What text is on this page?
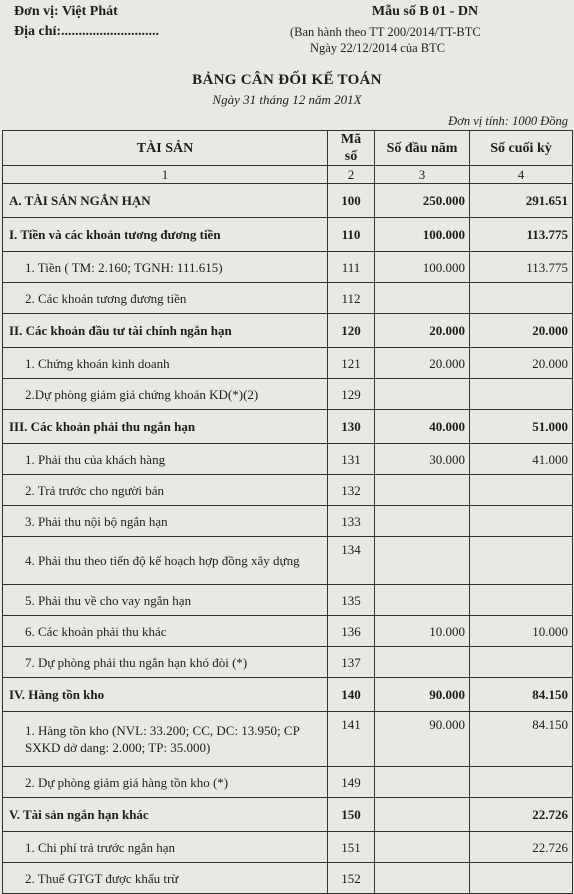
Đơn vị: Việt Phát
Địa chỉ:............................
Mẫu số B 01 - DN
(Ban hành theo TT 200/2014/TT-BTC
Ngày 22/12/2014 của BTC
BẢNG CÂN ĐỐI KẾ TOÁN
Ngày 31 tháng 12 năm 201X
Đơn vị tính: 1000 Đồng
TÀI SẢN	Mã số	Số đầu năm	Số cuối kỳ
1	2	3	4
A. TÀI SẢN NGẮN HẠN	100	250.000	291.651
I. Tiền và các khoản tương đương tiền	110	100.000	113.775
1. Tiền ( TM: 2.160; TGNH: 111.615)	111	100.000	113.775
2. Các khoản tương đương tiền	112		
II. Các khoản đầu tư tài chính ngắn hạn	120	20.000	20.000
1. Chứng khoán kinh doanh	121	20.000	20.000
2.Dự phòng giảm giá chứng khoán KD(*)(2)	129		
III. Các khoản phải thu ngắn hạn	130	40.000	51.000
1. Phải thu của khách hàng	131	30.000	41.000
2. Trả trước cho người bán	132		
3. Phải thu nội bộ ngắn hạn	133		
4. Phải thu theo tiến độ kế hoạch hợp đồng xây dựng	134		
5. Phải thu về cho vay ngắn hạn	135		
6. Các khoản phải thu khác	136	10.000	10.000
7. Dự phòng phải thu ngắn hạn khó đòi (*)	137		
IV. Hàng tồn kho	140	90.000	84.150
1. Hàng tồn kho (NVL: 33.200; CC, DC: 13.950; CP SXKD dở dang: 2.000; TP: 35.000)	141	90.000	84.150
2. Dự phòng giảm giá hàng tồn kho (*)	149		
V. Tài sản ngắn hạn khác	150		22.726
1. Chi phí trả trước ngắn hạn	151		22.726
2. Thuế GTGT được khấu trừ	152		
